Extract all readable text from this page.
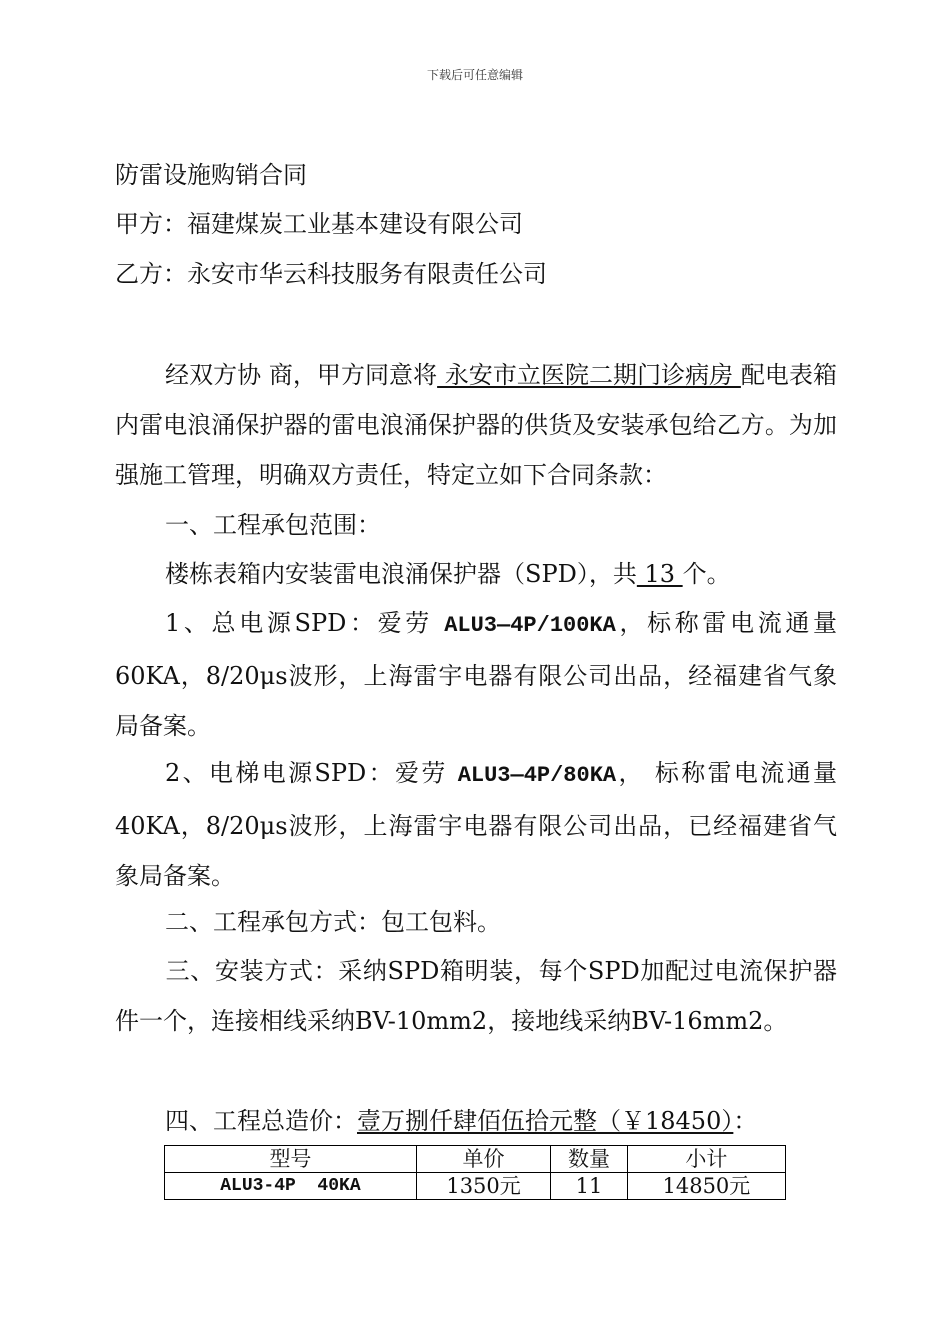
下载后可任意编辑
防雷设施购销合同
甲方：福建煤炭工业基本建设有限公司
乙方：永安市华云科技服务有限责任公司
经双方协 商，甲方同意将 永安市立医院二期门诊病房 配电表箱内雷电浪涌保护器的雷电浪涌保护器的供货及安装承包给乙方。为加强施工管理，明确双方责任，特定立如下合同条款：
一、工程承包范围：
楼栋表箱内安装雷电浪涌保护器（SPD），共 13 个。
1、总电源SPD：爱劳 ALU3—4P/100KA，标称雷电流通量60KA，8/20μs波形，上海雷宇电器有限公司出品，经福建省气象局备案。
2、电梯电源SPD：爱劳 ALU3—4P/80KA， 标称雷电流通量40KA，8/20μs波形，上海雷宇电器有限公司出品，已经福建省气象局备案。
二、工程承包方式：包工包料。
三、安装方式：采纳SPD箱明装，每个SPD加配过电流保护器件一个，连接相线采纳BV-10mm2，接地线采纳BV-16mm2。
四、工程总造价：壹万捌仟肆佰伍拾元整（￥18450）：
型号	单价	数量	小计
ALU3-4P  40KA	1350元	11	14850元
